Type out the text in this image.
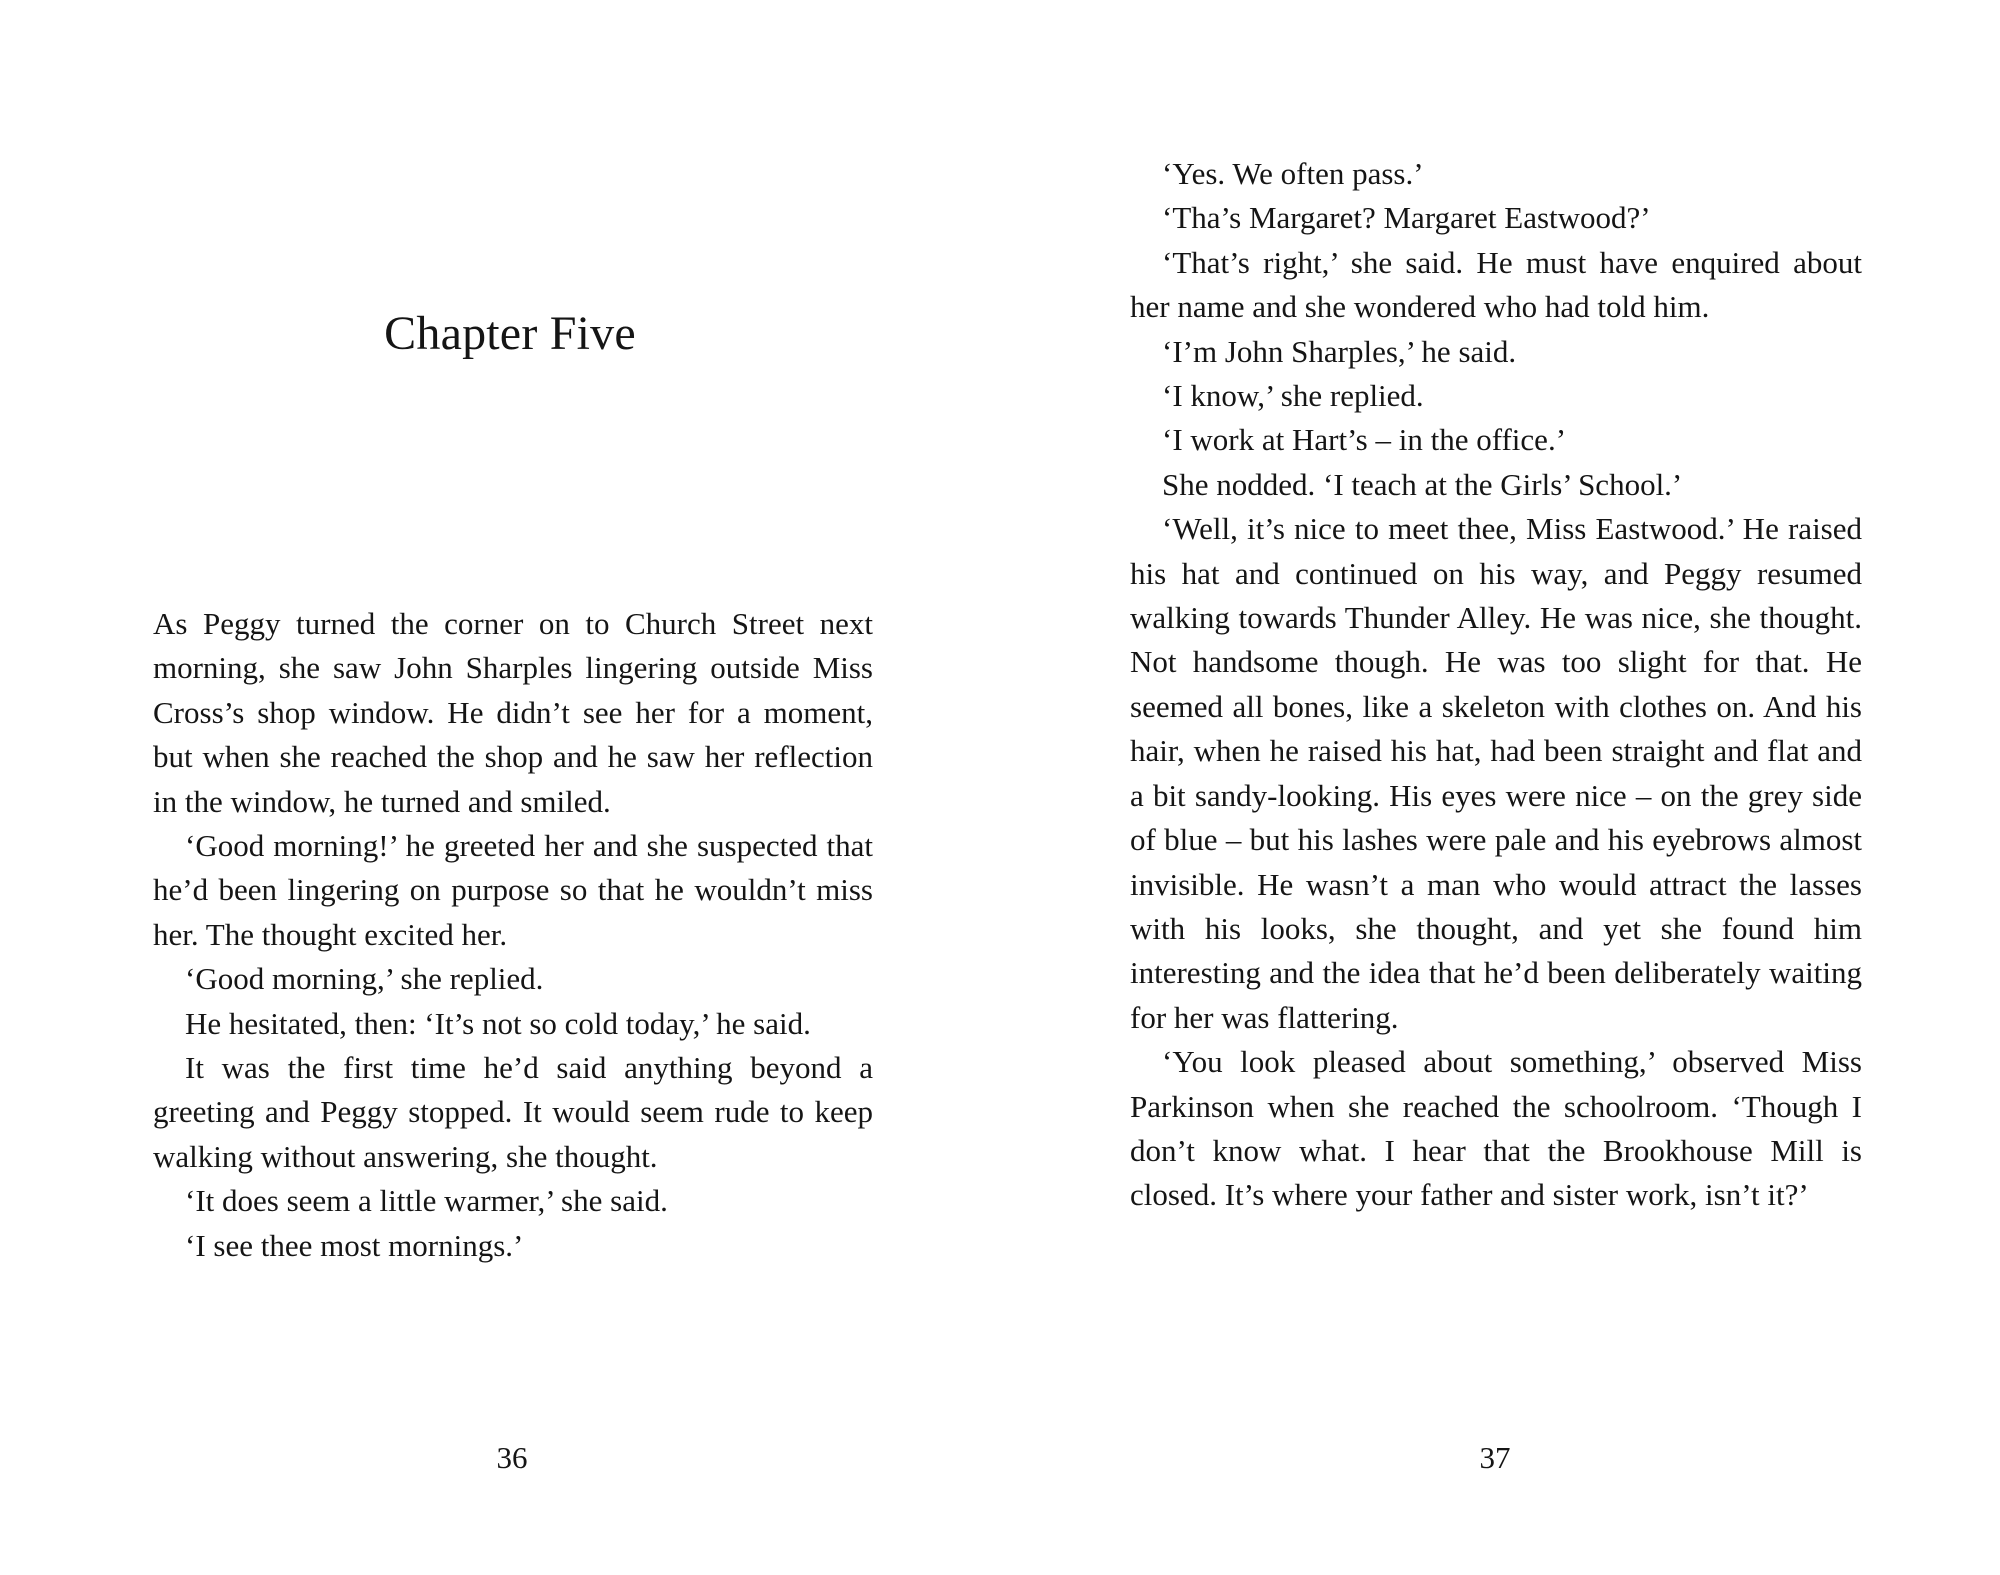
Chapter Five

As Peggy turned the corner on to Church Street next morning, she saw John Sharples lingering outside Miss Cross’s shop window. He didn’t see her for a moment, but when she reached the shop and he saw her reflection in the window, he turned and smiled.

‘Good morning!’ he greeted her and she suspected that he’d been lingering on purpose so that he wouldn’t miss her. The thought excited her.

‘Good morning,’ she replied.

He hesitated, then: ‘It’s not so cold today,’ he said.

It was the first time he’d said anything beyond a greeting and Peggy stopped. It would seem rude to keep walking without answering, she thought.

‘It does seem a little warmer,’ she said.

‘I see thee most mornings.’

36

‘Yes. We often pass.’

‘Tha’s Margaret? Margaret Eastwood?’

‘That’s right,’ she said. He must have enquired about her name and she wondered who had told him.

‘I’m John Sharples,’ he said.

‘I know,’ she replied.

‘I work at Hart’s – in the office.’

She nodded. ‘I teach at the Girls’ School.’

‘Well, it’s nice to meet thee, Miss Eastwood.’ He raised his hat and continued on his way, and Peggy resumed walking towards Thunder Alley. He was nice, she thought. Not handsome though. He was too slight for that. He seemed all bones, like a skeleton with clothes on. And his hair, when he raised his hat, had been straight and flat and a bit sandy-looking. His eyes were nice – on the grey side of blue – but his lashes were pale and his eyebrows almost invisible. He wasn’t a man who would attract the lasses with his looks, she thought, and yet she found him interesting and the idea that he’d been deliberately waiting for her was flattering.

‘You look pleased about something,’ observed Miss Parkinson when she reached the schoolroom. ‘Though I don’t know what. I hear that the Brookhouse Mill is closed. It’s where your father and sister work, isn’t it?’

37
